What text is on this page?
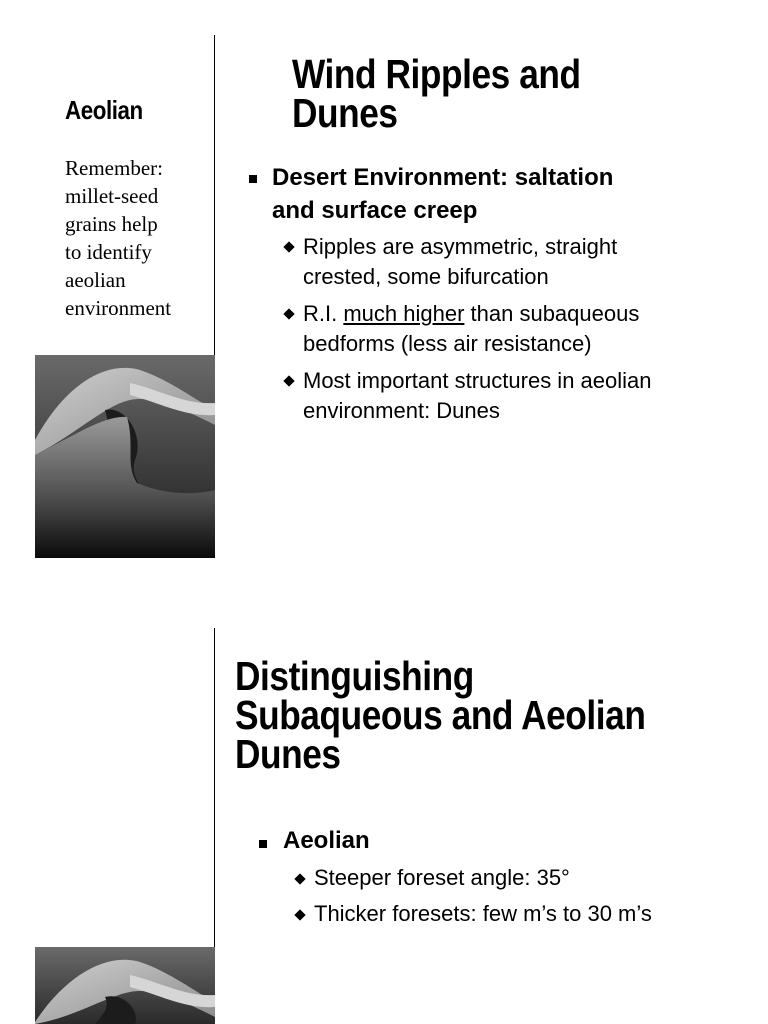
Aeolian
Remember:
millet-seed
grains help
to identify
aeolian
environment
Wind Ripples and
Dunes
Desert Environment: saltation
and surface creep
Ripples are asymmetric, straight
crested, some bifurcation
R.I. much higher than subaqueous
bedforms (less air resistance)
Most important structures in aeolian
environment: Dunes
Distinguishing
Subaqueous and Aeolian
Dunes
Aeolian
Steeper foreset angle: 35°
Thicker foresets: few m’s to 30 m’s
